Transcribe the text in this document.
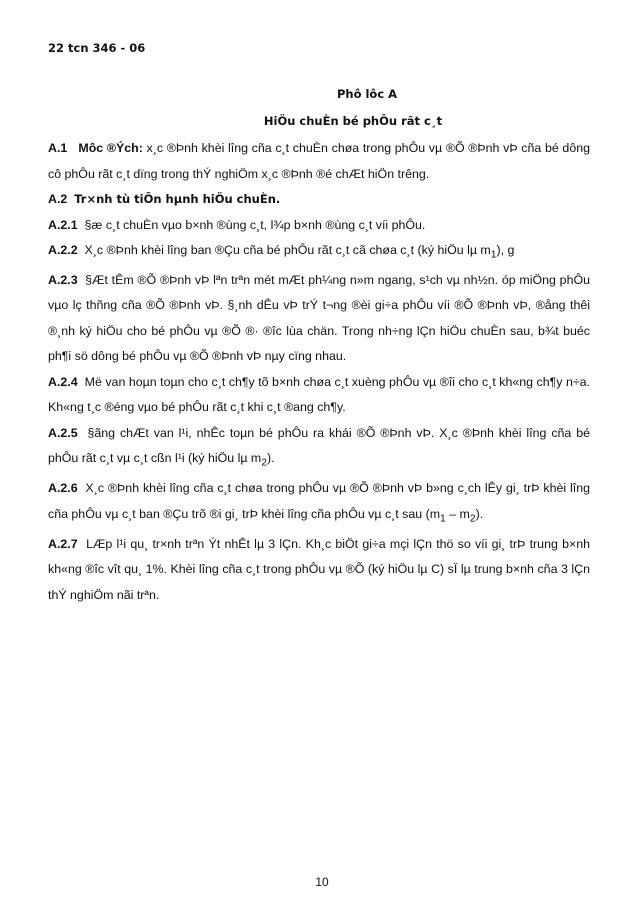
22 tcn 346 - 06
Phô lôc A
HiÖu chuÈn bé phÔu rãt c¸t

A.1 Môc ®Ých: x¸c ®Þnh khèi lîng cña c¸t chuÈn chøa trong phÔu vµ ®Õ ®Þnh vÞ cña bé dông cô phÔu rãt c¸t dïng trong thÝ nghiÖm x¸c ®Þnh ®é chÆt hiÖn trêng.

A.2 Tr×nh tù tiÕn hµnh hiÖu chuÈn.

A.2.1 §æ c¸t chuÈn vµo b×nh ®ùng c¸t, l¾p b×nh ®ùng c¸t víi phÔu.

A.2.2 X¸c ®Þnh khèi lîng ban ®Çu cña bé phÔu rãt c¸t cã chøa c¸t (ký hiÖu lµ $m_1$), g

A.2.3 §Æt tÊm ®Õ ®Þnh vÞ lªn trªn mét mÆt ph¼ng n»m ngang, s¹ch vµ nh½n. óp miÖng phÔu vµo lç thñng cña ®Õ ®Þnh vÞ. §¸nh dÊu vÞ trÝ t¬ng ®èi gi÷a phÔu víi ®Õ ®Þnh vÞ, ®ång thêi ®¸nh ký hiÖu cho bé phÔu vµ ®Õ ®· ®îc lùa chän. Trong nh÷ng lÇn hiÖu chuÈn sau, b¾t buéc ph¶i sö dông bé phÔu vµ ®Õ ®Þnh vÞ nµy cïng nhau.

A.2.4  Më van hoµn toµn cho c¸t ch¶y tõ b×nh chøa c¸t xuèng phÔu vµ ®îi cho c¸t kh«ng ch¶y n÷a. Kh«ng t¸c ®éng vµo bé phÔu rãt c¸t khi c¸t ®ang ch¶y.

A.2.5 §ãng chÆt van l¹i, nhÊc toµn bé phÔu ra khái ®Õ ®Þnh vÞ. X¸c ®Þnh khèi lîng cña bé phÔu rãt c¸t vµ c¸t cßn l¹i (ký hiÖu lµ $m_2$).

A.2.6 X¸c ®Þnh khèi lîng cña c¸t chøa trong phÔu vµ ®Õ ®Þnh vÞ b»ng c¸ch lÊy gi¸ trÞ khèi lîng cña phÔu vµ c¸t ban ®Çu trõ ®i gi¸ trÞ khèi lîng cña phÔu vµ c¸t sau $(m_1 - m_2)$.

A.2.7 LÆp l¹i qu¸ tr×nh trªn Ýt nhÊt lµ 3 lÇn. Kh¸c biÖt gi÷a mçi lÇn thö so víi gi¸ trÞ trung b×nh kh«ng ®îc vît qu¸ 1%. Khèi lîng cña c¸t trong phÔu vµ ®Õ (ký hiÖu lµ C) sÏ lµ trung b×nh cña 3 lÇn thÝ nghiÖm nãi trªn.

10
